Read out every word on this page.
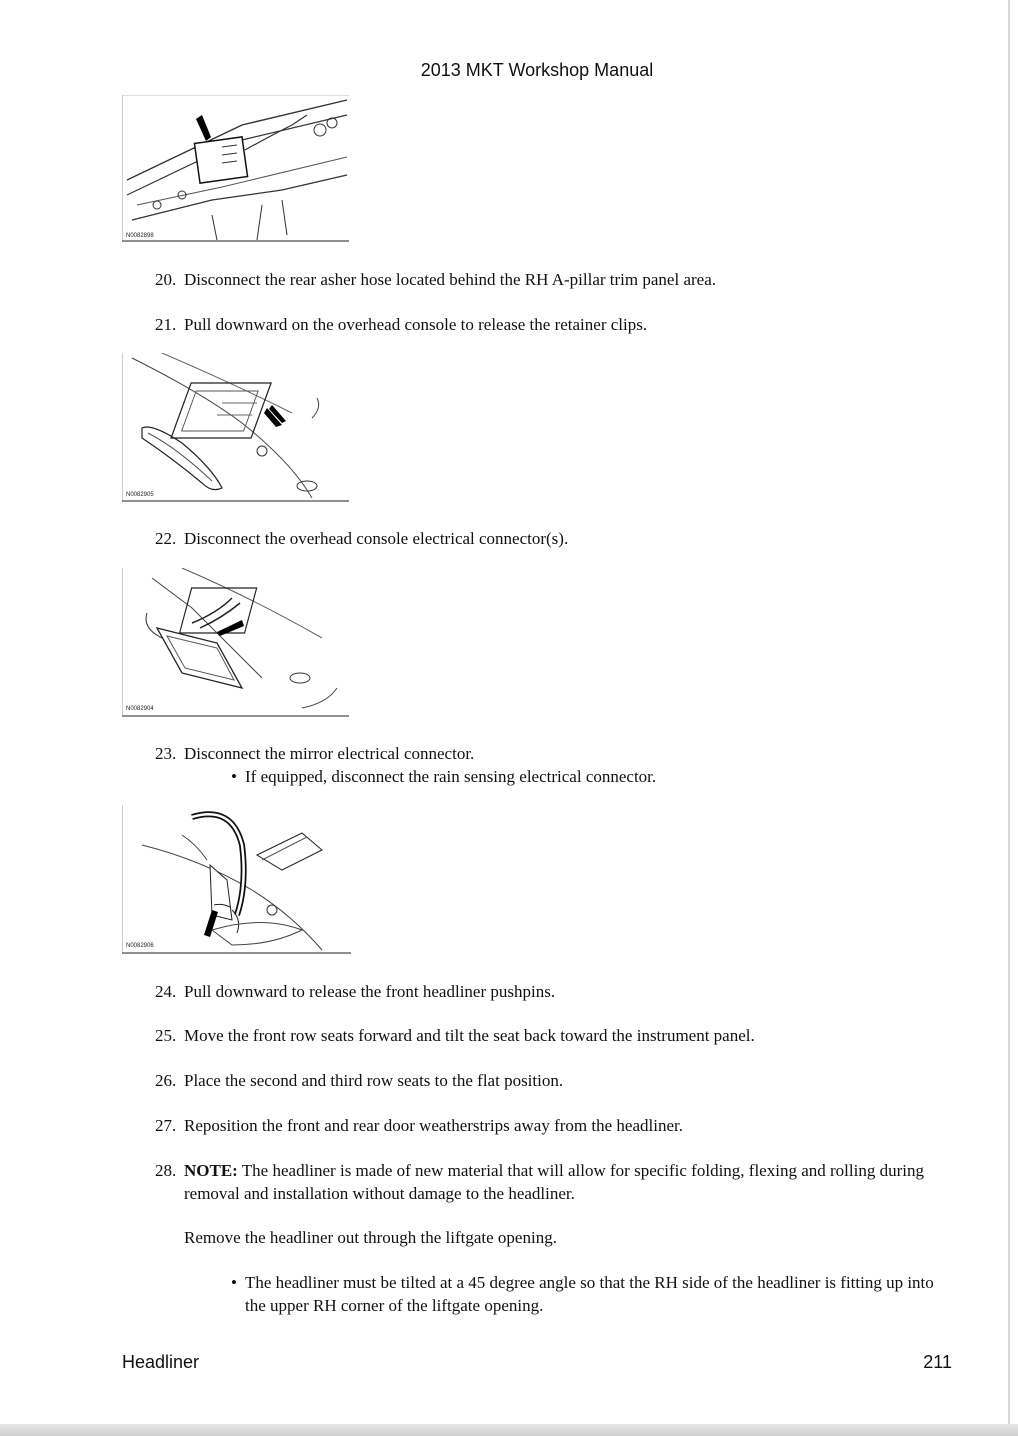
2013 MKT Workshop Manual
N0082898
20. Disconnect the rear asher hose located behind the RH A-pillar trim panel area.
21. Pull downward on the overhead console to release the retainer clips.
N0082905
22. Disconnect the overhead console electrical connector(s).
N0082904
23. Disconnect the mirror electrical connector.
• If equipped, disconnect the rain sensing electrical connector.
N0082906
24. Pull downward to release the front headliner pushpins.
25. Move the front row seats forward and tilt the seat back toward the instrument panel.
26. Place the second and third row seats to the flat position.
27. Reposition the front and rear door weatherstrips away from the headliner.
28. NOTE: The headliner is made of new material that will allow for specific folding, flexing and rolling during removal and installation without damage to the headliner.
Remove the headliner out through the liftgate opening.
• The headliner must be tilted at a 45 degree angle so that the RH side of the headliner is fitting up into the upper RH corner of the liftgate opening.
Headliner	211
